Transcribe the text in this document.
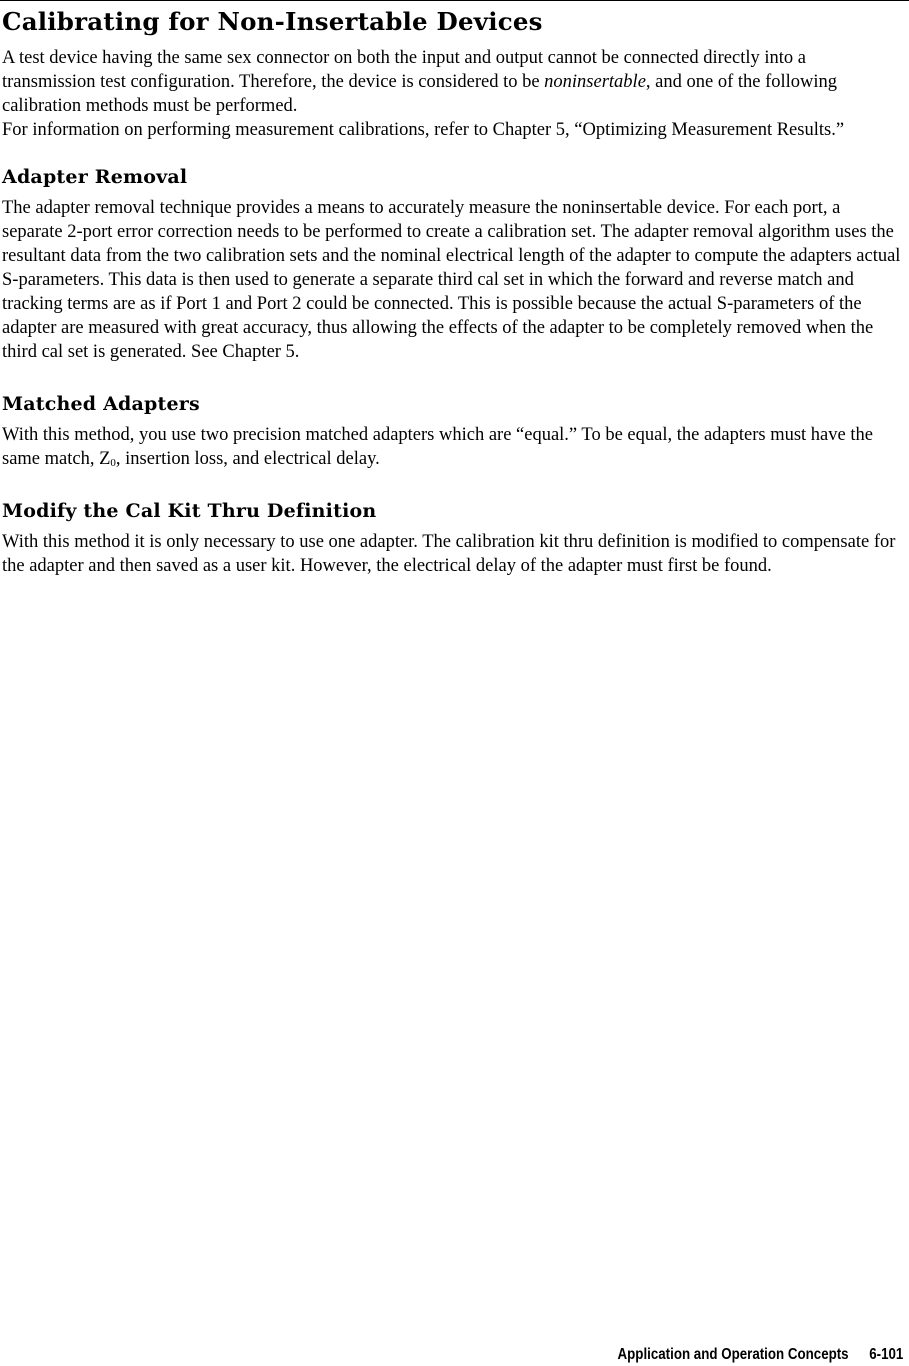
Calibrating for Non-Insertable Devices

A test device having the same sex connector on both the input and output cannot be connected directly into a transmission test configuration. Therefore, the device is considered to be noninsertable, and one of the following calibration methods must be performed.

For information on performing measurement calibrations, refer to Chapter 5, “Optimizing Measurement Results.”

Adapter Removal

The adapter removal technique provides a means to accurately measure the noninsertable device. For each port, a separate 2-port error correction needs to be performed to create a calibration set. The adapter removal algorithm uses the resultant data from the two calibration sets and the nominal electrical length of the adapter to compute the adapters actual S-parameters. This data is then used to generate a separate third cal set in which the forward and reverse match and tracking terms are as if Port 1 and Port 2 could be connected. This is possible because the actual S-parameters of the adapter are measured with great accuracy, thus allowing the effects of the adapter to be completely removed when the third cal set is generated. See Chapter 5.

Matched Adapters

With this method, you use two precision matched adapters which are “equal.” To be equal, the adapters must have the same match, $Z_0$, insertion loss, and electrical delay.

Modify the Cal Kit Thru Definition

With this method it is only necessary to use one adapter. The calibration kit thru definition is modified to compensate for the adapter and then saved as a user kit. However, the electrical delay of the adapter must first be found.

Application and Operation Concepts 6-101
